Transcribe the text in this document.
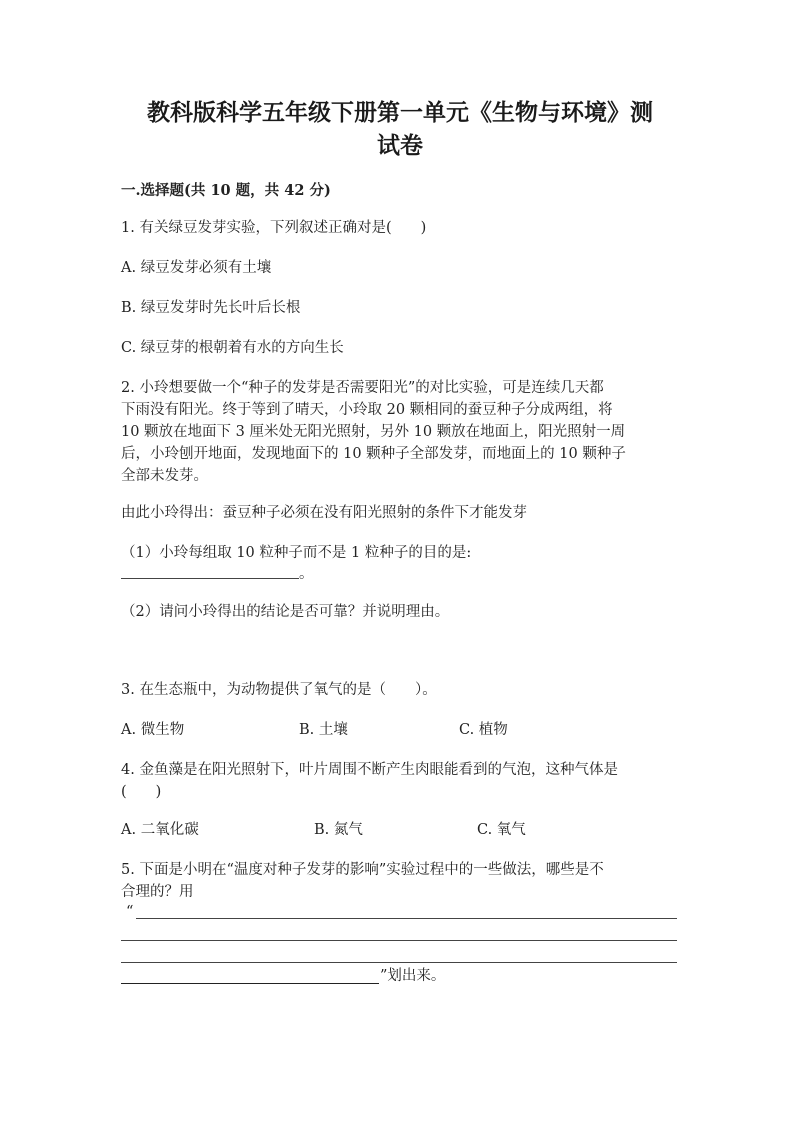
教科版科学五年级下册第一单元《生物与环境》测
试卷
一.选择题(共 10 题，共 42 分)
1. 有关绿豆发芽实验，下列叙述正确对是(　　)
A. 绿豆发芽必须有土壤
B. 绿豆发芽时先长叶后长根
C. 绿豆芽的根朝着有水的方向生长
2. 小玲想要做一个“种子的发芽是否需要阳光”的对比实验，可是连续几天都
下雨没有阳光。终于等到了晴天，小玲取 20 颗相同的蚕豆种子分成两组，将
10 颗放在地面下 3 厘米处无阳光照射，另外 10 颗放在地面上，阳光照射一周
后，小玲刨开地面，发现地面下的 10 颗种子全部发芽，而地面上的 10 颗种子
全部未发芽。
由此小玲得出：蚕豆种子必须在没有阳光照射的条件下才能发芽
（1）小玲每组取 10 粒种子而不是 1 粒种子的目的是:
。
（2）请问小玲得出的结论是否可靠？并说明理由。
3. 在生态瓶中，为动物提供了氧气的是（　　）。
A. 微生物	B. 土壤	C. 植物
4. 金鱼藻是在阳光照射下，叶片周围不断产生肉眼能看到的气泡，这种气体是
(　　)
A. 二氧化碳	B. 氮气	C. 氧气
5. 下面是小明在“温度对种子发芽的影响”实验过程中的一些做法，哪些是不
合理的？用
“
”划出来。
